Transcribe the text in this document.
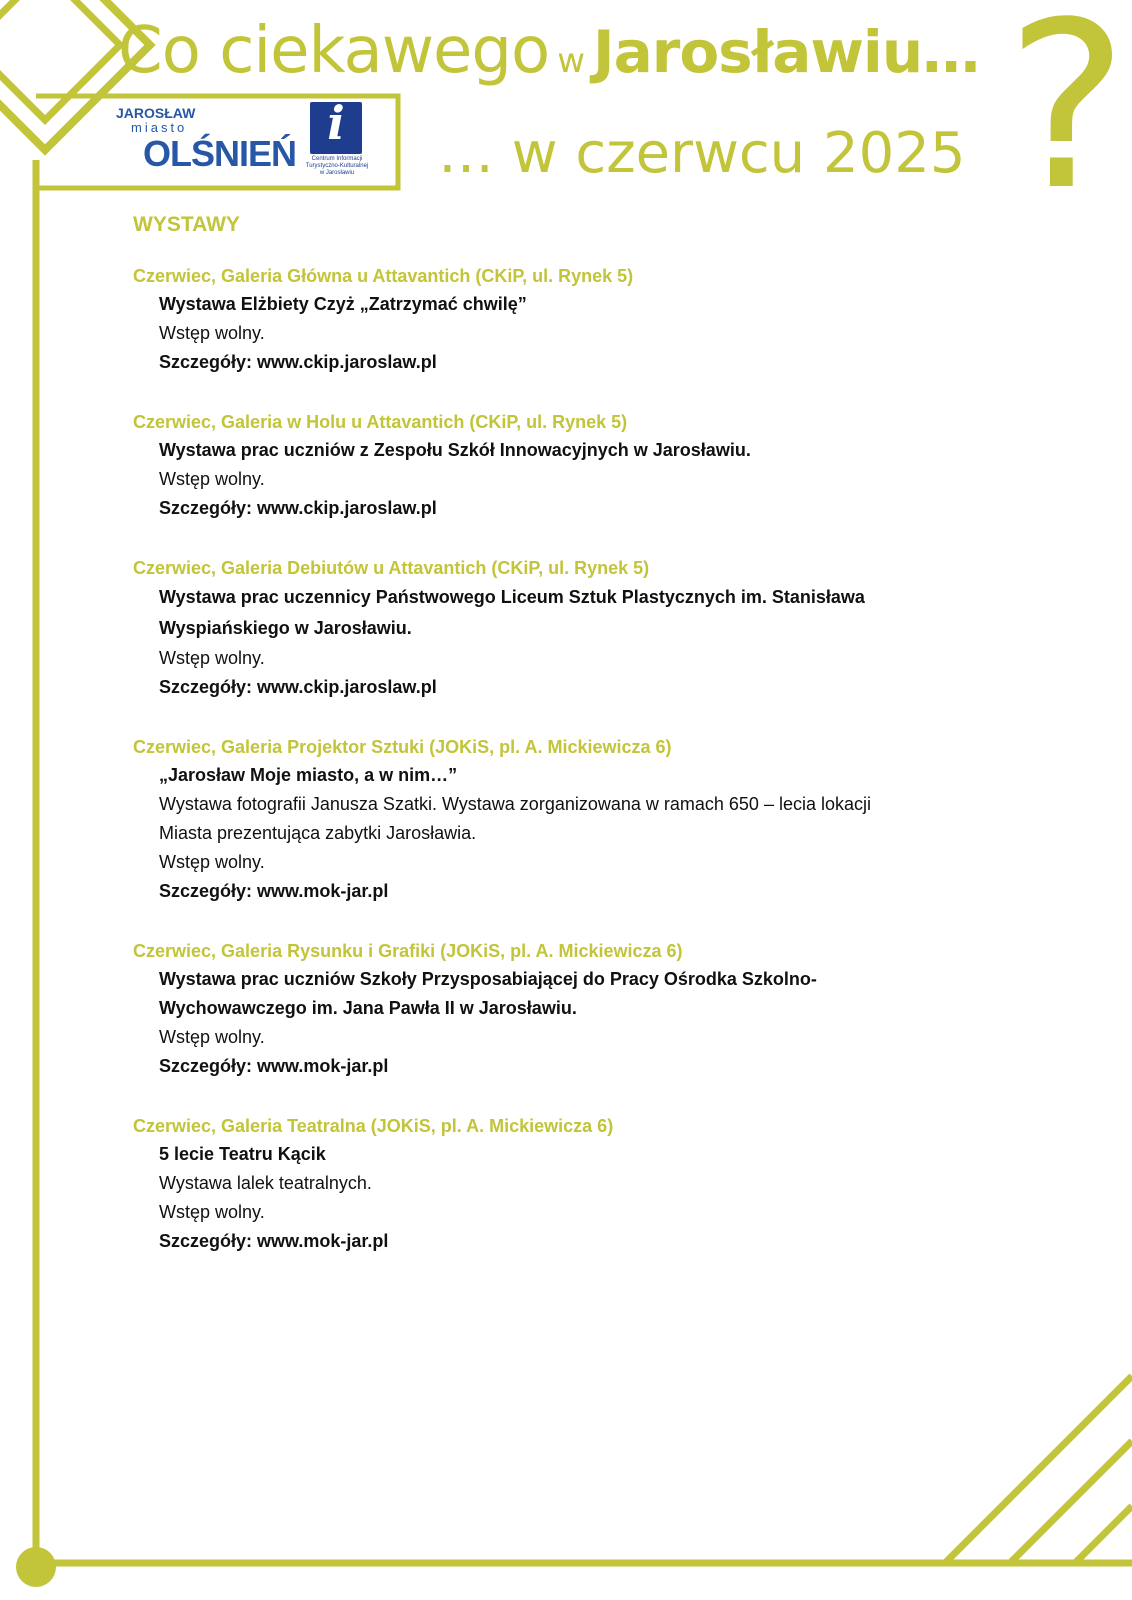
Co ciekawego w Jarosławiu…
… w czerwcu 2025 ?
JAROSŁAW
miasto
OLŚNIEŃ
i
Centrum Informacji Turystyczno-Kulturalnej w Jarosławiu
WYSTAWY
Czerwiec, Galeria Główna u Attavantich (CKiP, ul. Rynek 5)
Wystawa Elżbiety Czyż „Zatrzymać chwilę”
Wstęp wolny.
Szczegóły: www.ckip.jaroslaw.pl
Czerwiec, Galeria w Holu u Attavantich (CKiP, ul. Rynek 5)
Wystawa prac uczniów z Zespołu Szkół Innowacyjnych w Jarosławiu.
Wstęp wolny.
Szczegóły: www.ckip.jaroslaw.pl
Czerwiec, Galeria Debiutów u Attavantich (CKiP, ul. Rynek 5)
Wystawa prac uczennicy Państwowego Liceum Sztuk Plastycznych im. Stanisława
Wyspiańskiego w Jarosławiu.
Wstęp wolny.
Szczegóły: www.ckip.jaroslaw.pl
Czerwiec, Galeria Projektor Sztuki (JOKiS, pl. A. Mickiewicza 6)
„Jarosław Moje miasto, a w nim…”
Wystawa fotografii Janusza Szatki. Wystawa zorganizowana w ramach 650 – lecia lokacji
Miasta prezentująca zabytki Jarosławia.
Wstęp wolny.
Szczegóły: www.mok-jar.pl
Czerwiec, Galeria Rysunku i Grafiki (JOKiS, pl. A. Mickiewicza 6)
Wystawa prac uczniów Szkoły Przysposabiającej do Pracy Ośrodka Szkolno-
Wychowawczego im. Jana Pawła II w Jarosławiu.
Wstęp wolny.
Szczegóły: www.mok-jar.pl
Czerwiec, Galeria Teatralna (JOKiS, pl. A. Mickiewicza 6)
5 lecie Teatru Kącik
Wystawa lalek teatralnych.
Wstęp wolny.
Szczegóły: www.mok-jar.pl
